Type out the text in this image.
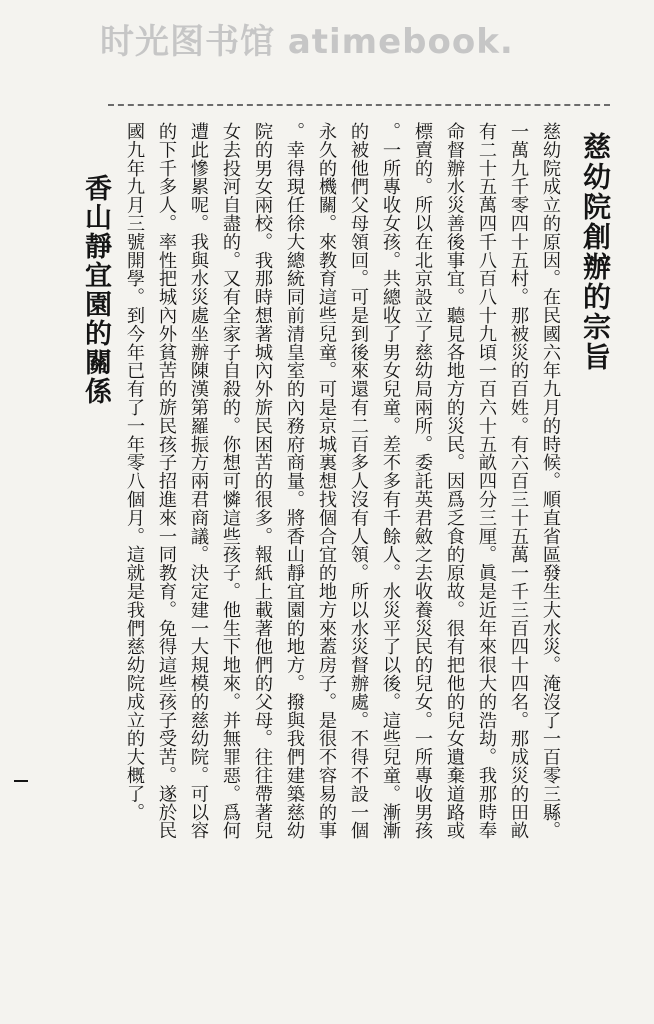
时光图书馆 atimebook.
慈幼院創辦的宗旨
慈幼院成立的原因。在民國六年九月的時候。順直省區發生大水災。淹沒了一百零三縣。
一萬九千零四十五村。那被災的百姓。有六百三十五萬一千三百四十四名。那成災的田畝
有二十五萬四千八百八十九頃一百六十五畝四分三厘。眞是近年來很大的浩劫。我那時奉
命督辦水災善後事宜。聽見各地方的災民。因爲乏食的原故。很有把他的兒女遺棄道路或
標賣的。所以在北京設立了慈幼局兩所。委託英君斂之去收養災民的兒女。一所專收男孩
。一所專收女孩。共總收了男女兒童。差不多有千餘人。水災平了以後。這些兒童。漸漸
的被他們父母領回。可是到後來還有二百多人沒有人領。所以水災督辦處。不得不設一個
永久的機關。來教育這些兒童。可是京城裏想找個合宜的地方來蓋房子。是很不容易的事
。幸得現任徐大總統同前清皇室的內務府商量。將香山靜宜園的地方。撥與我們建築慈幼
院的男女兩校。我那時想著城內外旂民困苦的很多。報紙上載著他們的父母。往往帶著兒
女去投河自盡的。又有全家子自殺的。你想可憐這些孩子。他生下地來。并無罪惡。爲何
遭此慘累呢。我與水災處坐辦陳漢第羅振方兩君商議。決定建一大規模的慈幼院。可以容
的下千多人。率性把城內外貧苦的旂民孩子招進來一同教育。免得這些孩子受苦。遂於民
國九年九月三號開學。到今年已有了一年零八個月。這就是我們慈幼院成立的大概了。
香山靜宜園的關係
